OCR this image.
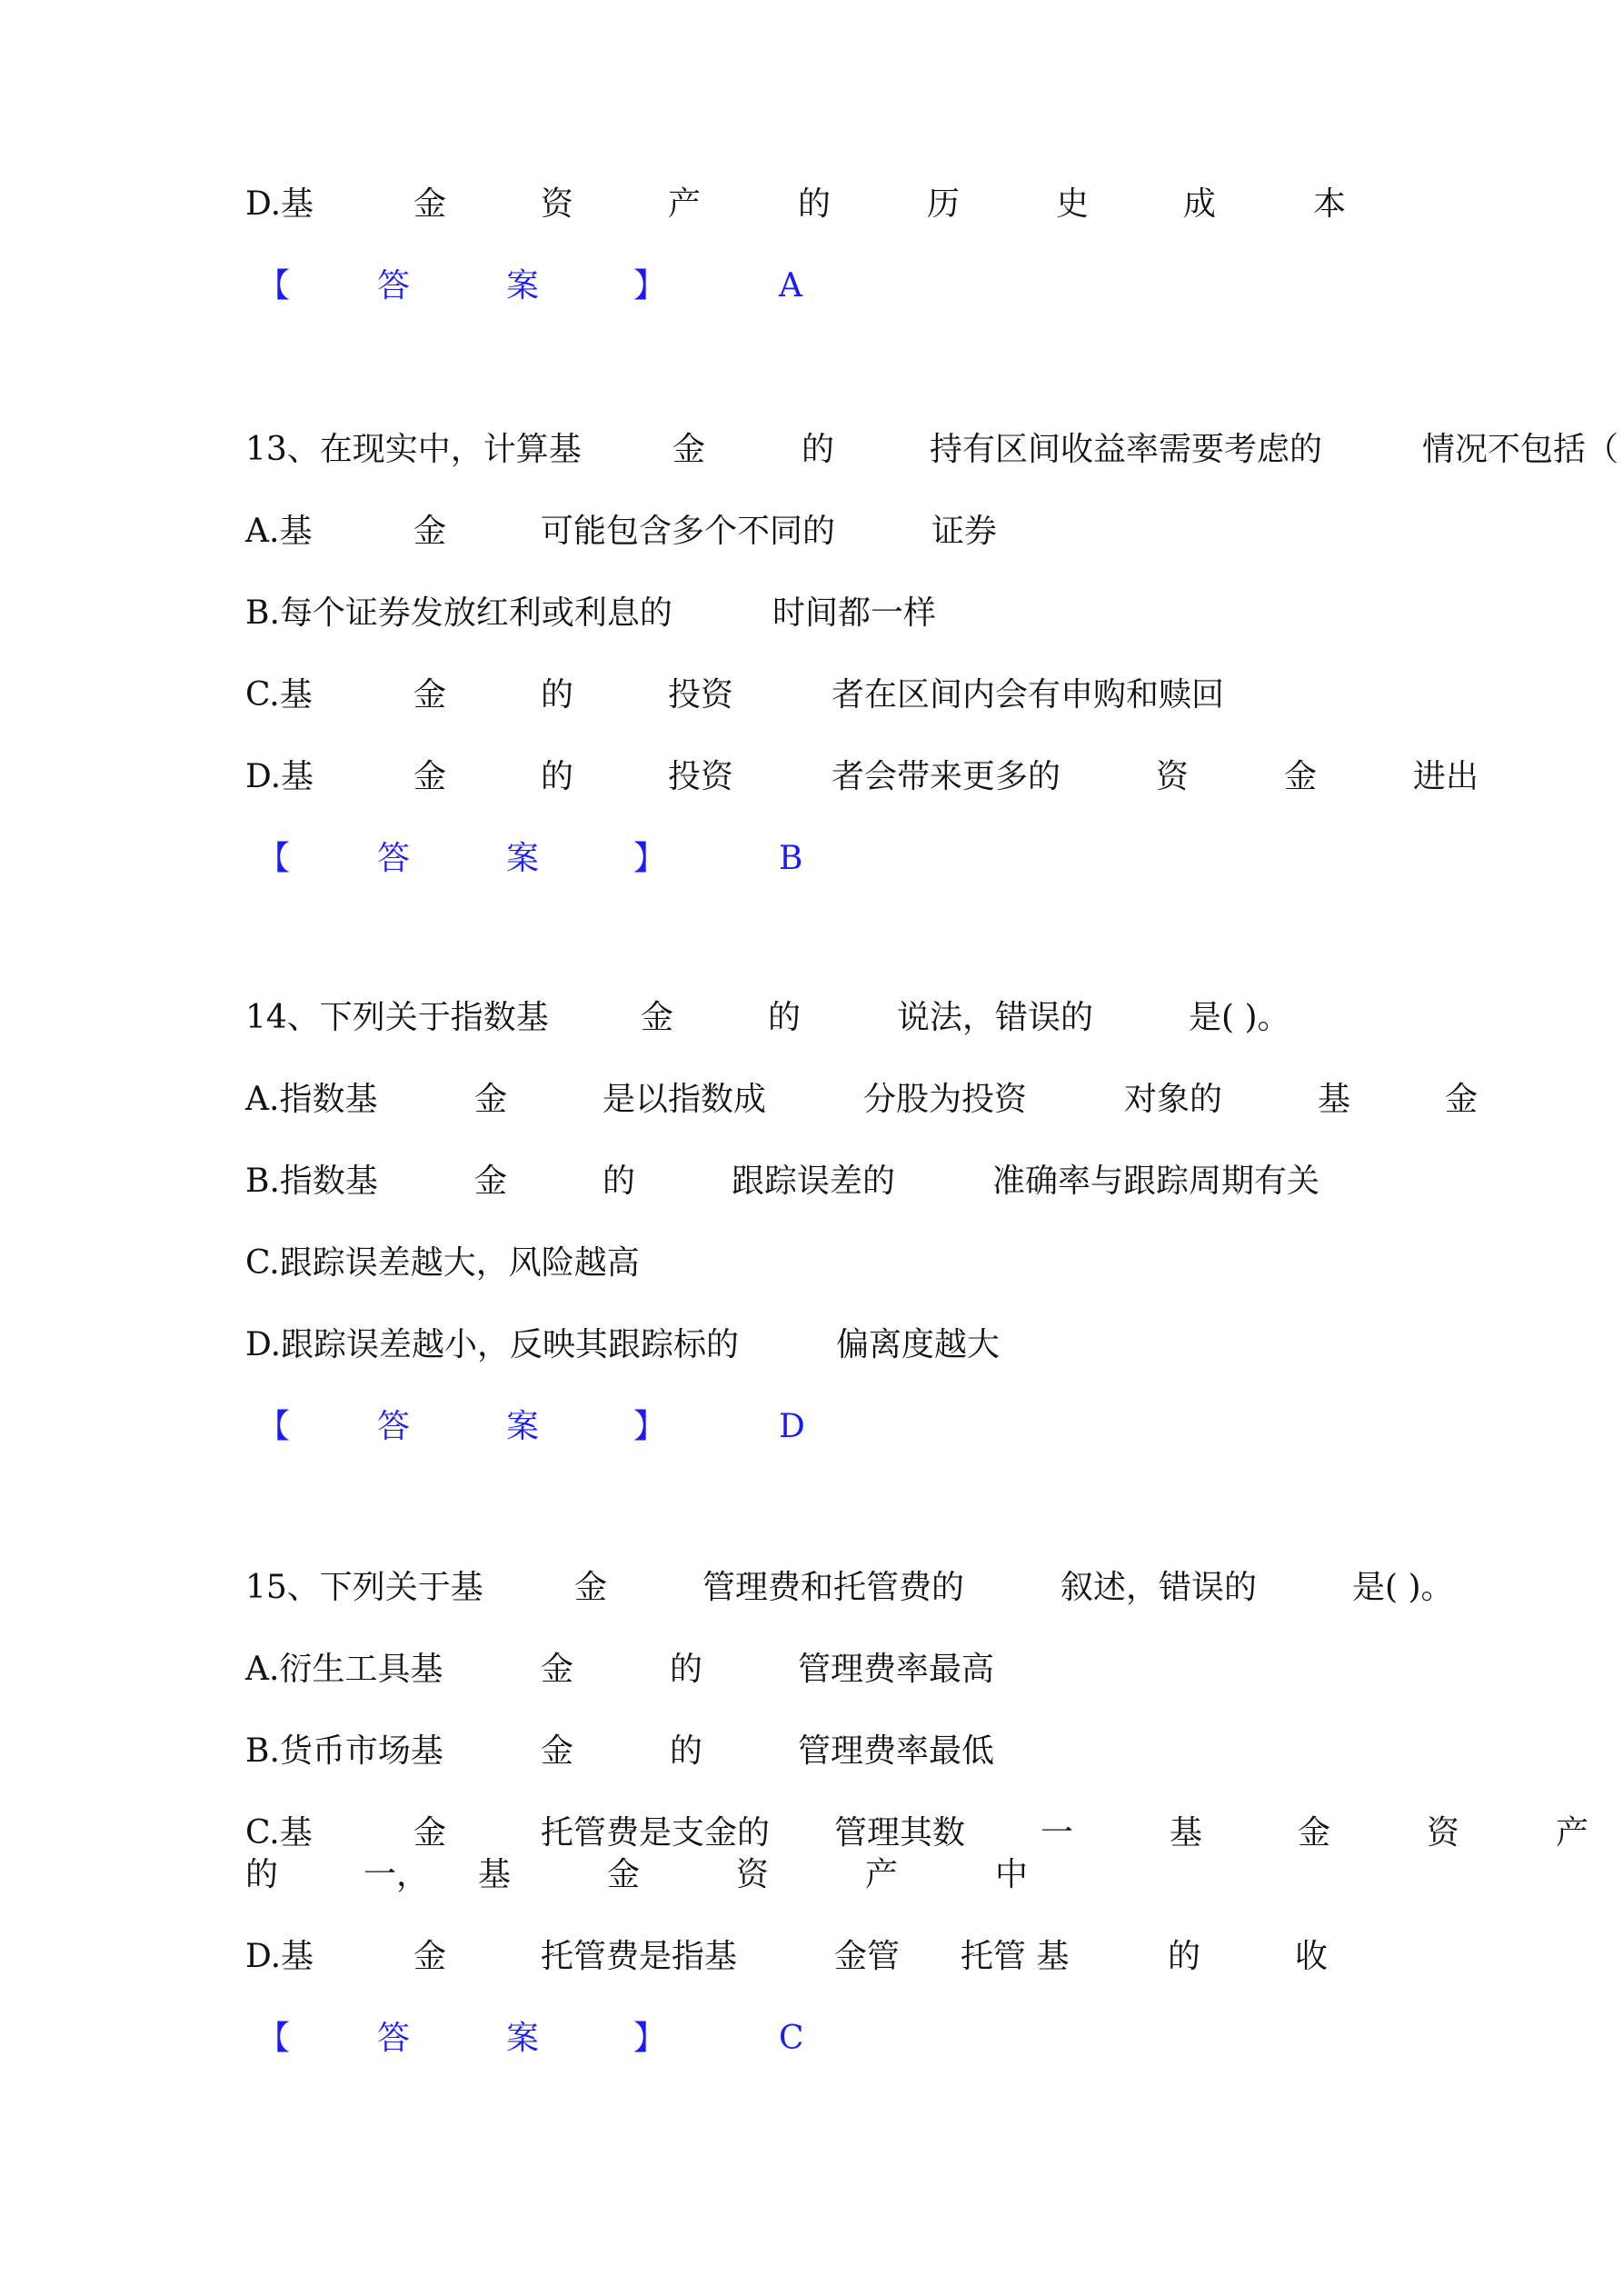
D.基	金	资	产	的	历	史	成	本
【	答	案	】	A
13、在现实中，计算基	金	的	持有区间收益率需要考虑的	情况不包括（
A.基	金	可能包含多个不同的	证券
B.每个证券发放红利或利息的	时间都一样
C.基	金	的	投资	者在区间内会有申购和赎回
D.基	金	的	投资	者会带来更多的	资	金	进出
【	答	案	】	B
14、下列关于指数基	金	的	说法，错误的	是( )。
A.指数基	金	是以指数成	分股为投资	对象的	基	金
B.指数基	金	的	跟踪误差的	准确率与跟踪周期有关
C.跟踪误差越大，风险越高
D.跟踪误差越小，反映其跟踪标的	偏离度越大
【	答	案	】	D
15、下列关于基	金	管理费和托管费的	叙述，错误的	是( )。
A.衍生工具基	金	的	管理费率最高
B.货币市场基	金	的	管理费率最低
C.基	金	托管费是支金的 管理其数 一	基	金	资	产
的	一， 基	金	资	产	中
D.基	金	托管费是指基	金管 托管 基	的	收
【	答	案	】	C
